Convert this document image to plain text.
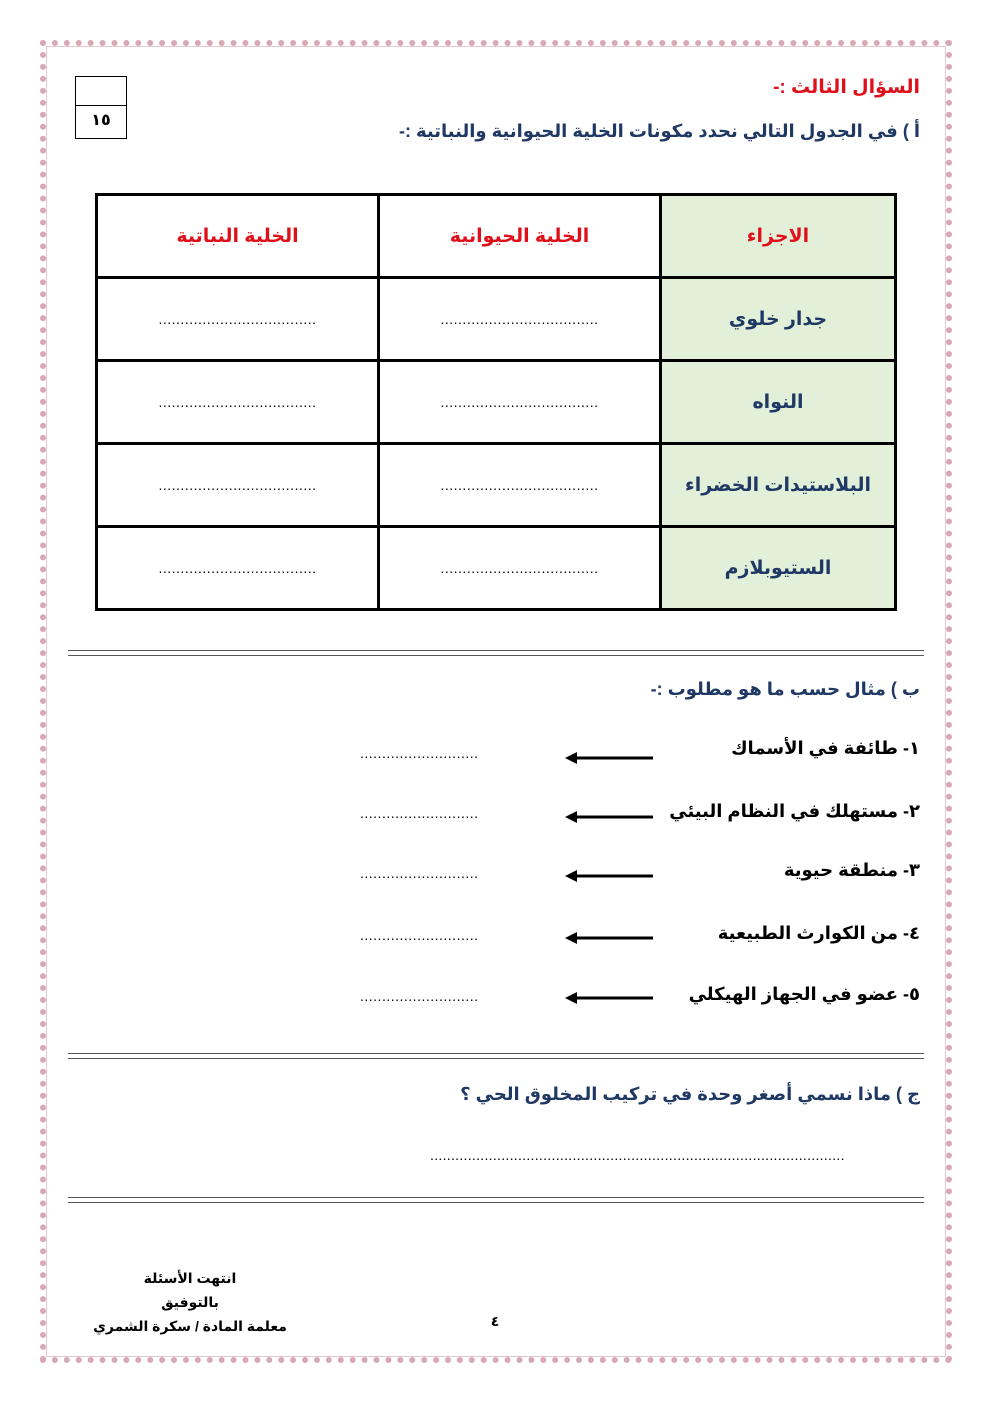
١٥
السؤال الثالث :-
أ ) في الجدول التالي نحدد مكونات الخلية الحيوانية والنباتية :-
الاجزاء	الخلية الحيوانية	الخلية النباتية
جدار خلوي	....................................	....................................
النواه	....................................	....................................
البلاستيدات الخضراء	....................................	....................................
الستيوبلازم	....................................	....................................
ب ) مثال حسب ما هو مطلوب :-
١- طائفة في الأسماك
...........................
٢- مستهلك في النظام البيئي
...........................
٣- منطقة حيوية
...........................
٤- من الكوارث الطبيعية
...........................
٥- عضو في الجهاز الهيكلي
...........................
ج ) ماذا نسمي أصغر وحدة في تركيب المخلوق الحي ؟
...................................................................................................
انتهت الأسئلة
بالتوفيق
معلمة المادة / سكرة الشمري	٤
